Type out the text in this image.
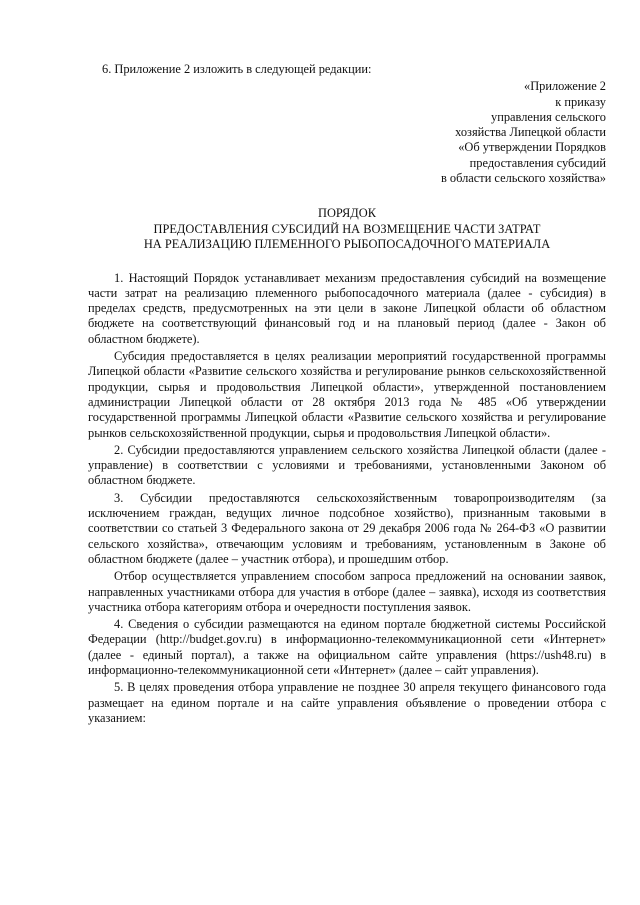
6. Приложение 2 изложить в следующей редакции:

«Приложение 2
к приказу
управления сельского
хозяйства Липецкой области
«Об утверждении Порядков
предоставления субсидий
в области сельского хозяйства»
ПОРЯДОК
ПРЕДОСТАВЛЕНИЯ СУБСИДИЙ НА ВОЗМЕЩЕНИЕ ЧАСТИ ЗАТРАТ
НА РЕАЛИЗАЦИЮ ПЛЕМЕННОГО РЫБОПОСАДОЧНОГО МАТЕРИАЛА

1. Настоящий Порядок устанавливает механизм предоставления субсидий на возмещение части затрат на реализацию племенного рыбопосадочного материала (далее - субсидия) в пределах средств, предусмотренных на эти цели в законе Липецкой области об областном бюджете на соответствующий финансовый год и на плановый период (далее - Закон об областном бюджете).

Субсидия предоставляется в целях реализации мероприятий государственной программы Липецкой области «Развитие сельского хозяйства и регулирование рынков сельскохозяйственной продукции, сырья и продовольствия Липецкой области», утвержденной постановлением администрации Липецкой области от 28 октября 2013 года № 485 «Об утверждении государственной программы Липецкой области «Развитие сельского хозяйства и регулирование рынков сельскохозяйственной продукции, сырья и продовольствия Липецкой области».

2. Субсидии предоставляются управлением сельского хозяйства Липецкой области (далее - управление) в соответствии с условиями и требованиями, установленными Законом об областном бюджете.

3. Субсидии предоставляются сельскохозяйственным товаропроизводителям (за исключением граждан, ведущих личное подсобное хозяйство), признанным таковыми в соответствии со статьей 3 Федерального закона от 29 декабря 2006 года № 264-ФЗ «О развитии сельского хозяйства», отвечающим условиям и требованиям, установленным в Законе об областном бюджете (далее – участник отбора), и прошедшим отбор.

Отбор осуществляется управлением способом запроса предложений на основании заявок, направленных участниками отбора для участия в отборе (далее – заявка), исходя из соответствия участника отбора категориям отбора и очередности поступления заявок.

4. Сведения о субсидии размещаются на едином портале бюджетной системы Российской Федерации (http://budget.gov.ru) в информационно-телекоммуникационной сети «Интернет» (далее - единый портал), а также на официальном сайте управления (https://ush48.ru) в информационно-телекоммуникационной сети «Интернет» (далее – сайт управления).

5. В целях проведения отбора управление не позднее 30 апреля текущего финансового года размещает на едином портале и на сайте управления объявление о проведении отбора с указанием:
